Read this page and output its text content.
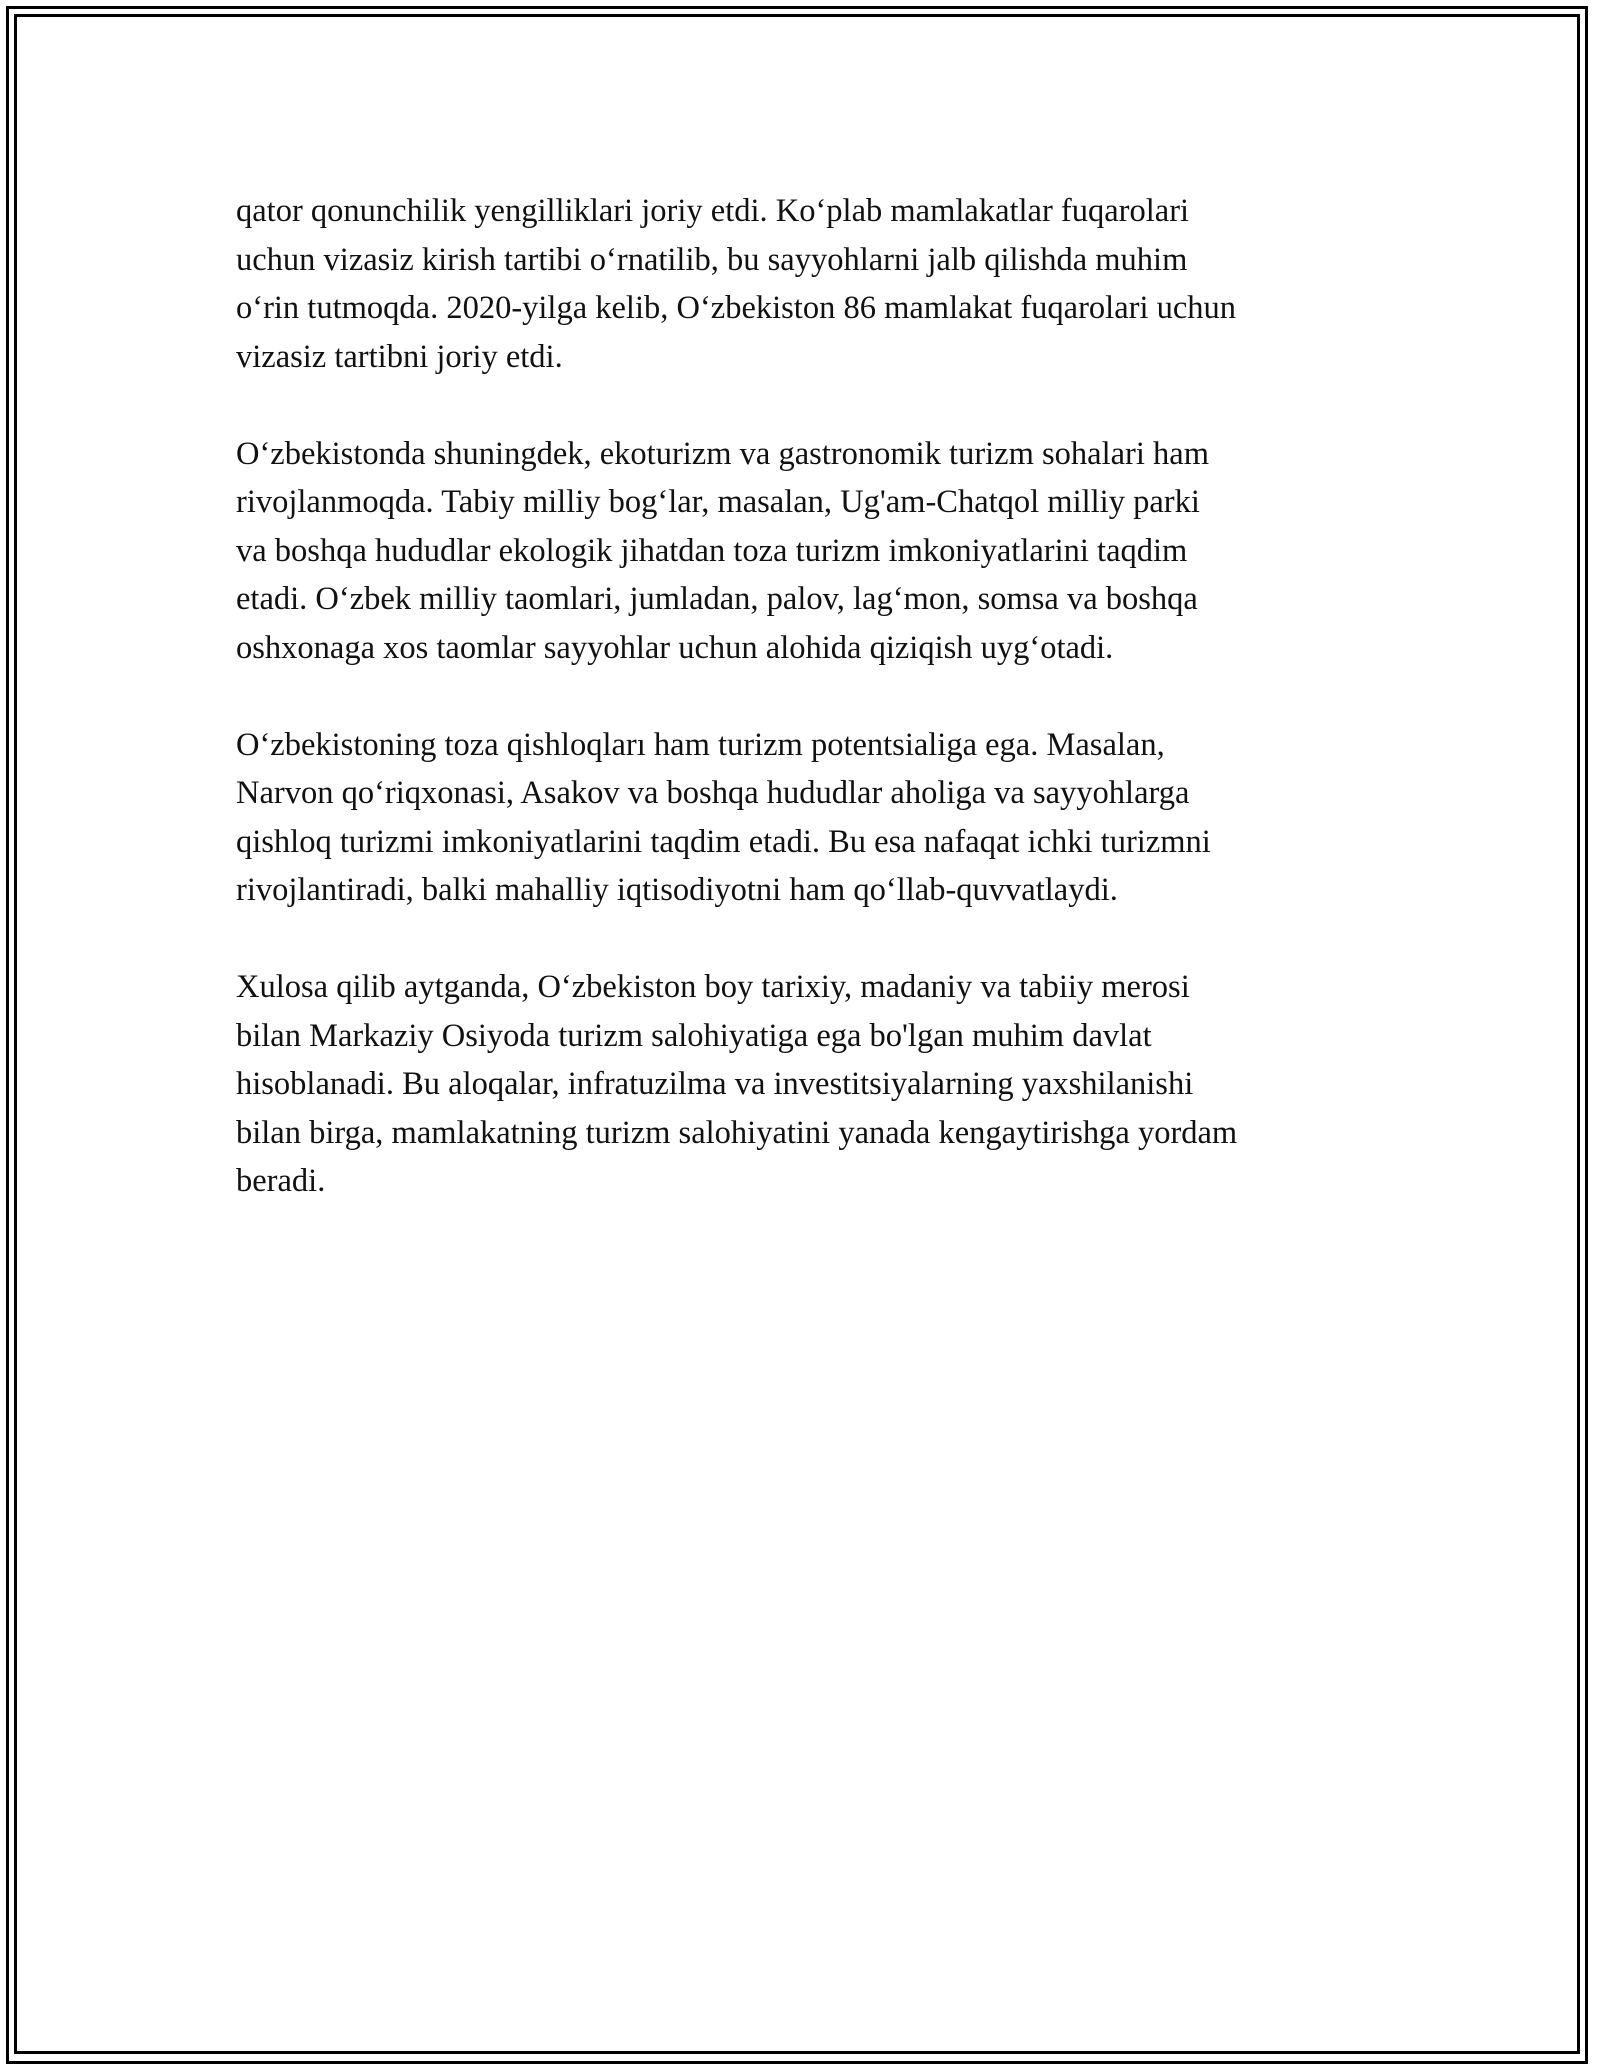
qator qonunchilik yengilliklari joriy etdi. Ko‘plab mamlakatlar fuqarolari
uchun vizasiz kirish tartibi o‘rnatilib, bu sayyohlarni jalb qilishda muhim
o‘rin tutmoqda. 2020-yilga kelib, O‘zbekiston 86 mamlakat fuqarolari uchun
vizasiz tartibni joriy etdi.

O‘zbekistonda shuningdek, ekoturizm va gastronomik turizm sohalari ham
rivojlanmoqda. Tabiy milliy bog‘lar, masalan, Ug'am-Chatqol milliy parki
va boshqa hududlar ekologik jihatdan toza turizm imkoniyatlarini taqdim
etadi. O‘zbek milliy taomlari, jumladan, palov, lag‘mon, somsa va boshqa
oshxonaga xos taomlar sayyohlar uchun alohida qiziqish uyg‘otadi.

O‘zbekistoning toza qishloqları ham turizm potentsialiga ega. Masalan,
Narvon qo‘riqxonasi, Asakov va boshqa hududlar aholiga va sayyohlarga
qishloq turizmi imkoniyatlarini taqdim etadi. Bu esa nafaqat ichki turizmni
rivojlantiradi, balki mahalliy iqtisodiyotni ham qo‘llab-quvvatlaydi.

Xulosa qilib aytganda, O‘zbekiston boy tarixiy, madaniy va tabiiy merosi
bilan Markaziy Osiyoda turizm salohiyatiga ega bo'lgan muhim davlat
hisoblanadi. Bu aloqalar, infratuzilma va investitsiyalarning yaxshilanishi
bilan birga, mamlakatning turizm salohiyatini yanada kengaytirishga yordam
beradi.
